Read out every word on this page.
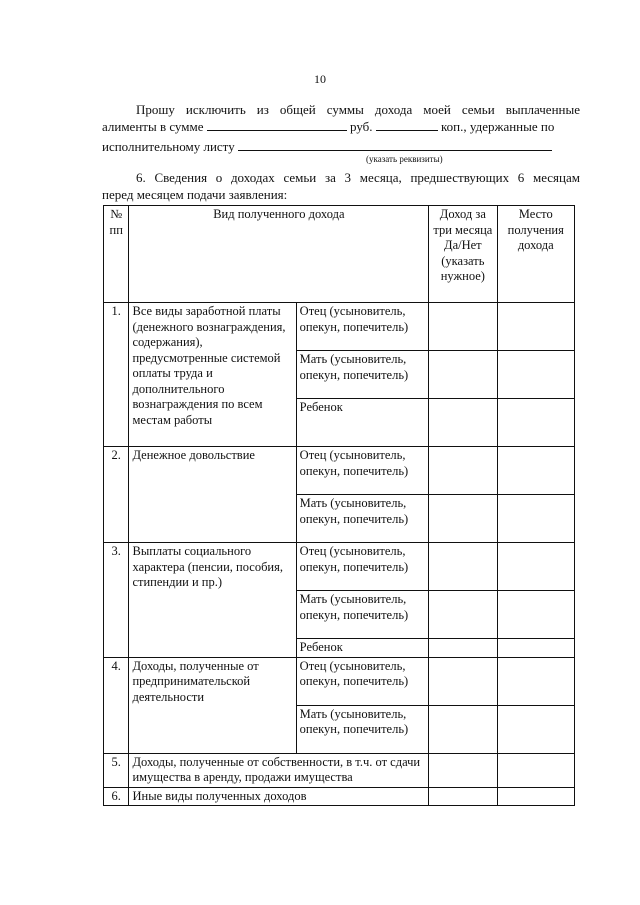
10
Прошу исключить из общей суммы дохода моей семьи выплаченные
алименты в сумме	руб.	коп., удержанные по
исполнительному листу
(указать реквизиты)
6. Сведения о доходах семьи за 3 месяца, предшествующих 6 месяцам
перед месяцем подачи заявления:
№ пп	Вид полученного дохода		Доход за три месяца Да/Нет (указать нужное)	Место получения дохода
1.	Все виды заработной платы (денежного вознаграждения, содержания), предусмотренные системой оплаты труда и дополнительного вознаграждения по всем местам работы	Отец (усыновитель, опекун, попечитель)		
		Мать (усыновитель, опекун, попечитель)		
		Ребенок		
2.	Денежное довольствие	Отец (усыновитель, опекун, попечитель)		
		Мать (усыновитель, опекун, попечитель)		
3.	Выплаты социального характера (пенсии, пособия, стипендии и пр.)	Отец (усыновитель, опекун, попечитель)		
		Мать (усыновитель, опекун, попечитель)		
		Ребенок		
4.	Доходы, полученные от предпринимательской деятельности	Отец (усыновитель, опекун, попечитель)		
		Мать (усыновитель, опекун, попечитель)		
5.	Доходы, полученные от собственности, в т.ч. от сдачи имущества в аренду, продажи имущества			
6.	Иные виды полученных доходов			
